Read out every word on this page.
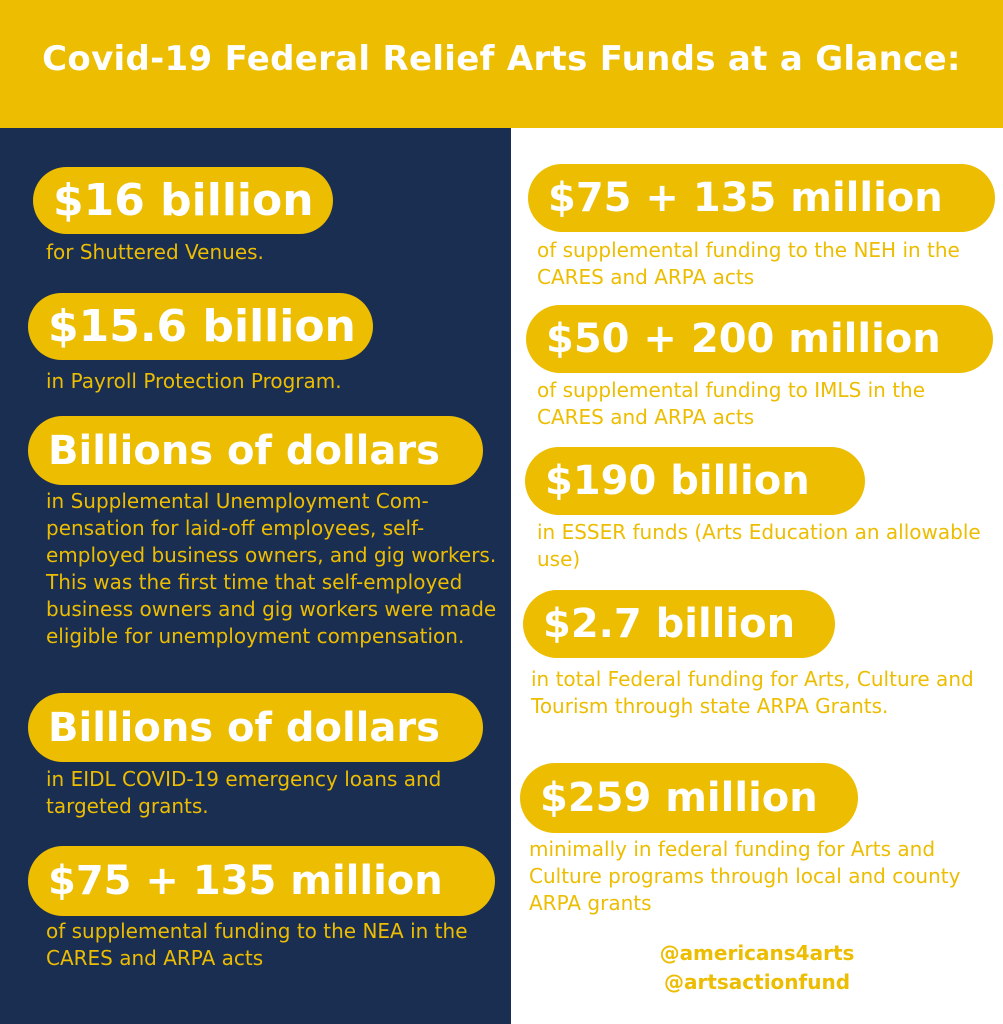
Covid-19 Federal Relief Arts Funds at a Glance:
$16 billion

for Shuttered Venues.

$15.6 billion

in Payroll Protection Program.

Billions of dollars

in Supplemental Unemployment Com-pensation for laid-off employees, self-employed business owners, and gig workers. This was the first time that self-employed business owners and gig workers were made eligible for unemployment compensation.

Billions of dollars

in EIDL COVID-19 emergency loans and targeted grants.

$75 + 135 million

of supplemental funding to the NEA in the CARES and ARPA acts

$75 + 135 million

of supplemental funding to the NEH in the CARES and ARPA acts

$50 + 200 million

of supplemental funding to IMLS in the CARES and ARPA acts

$190 billion

in ESSER funds (Arts Education an allowable use)

$2.7 billion

in total Federal funding for Arts, Culture and Tourism through state ARPA Grants.

$259 million

minimally in federal funding for Arts and Culture programs through local and county ARPA grants

@americans4arts
@artsactionfund
